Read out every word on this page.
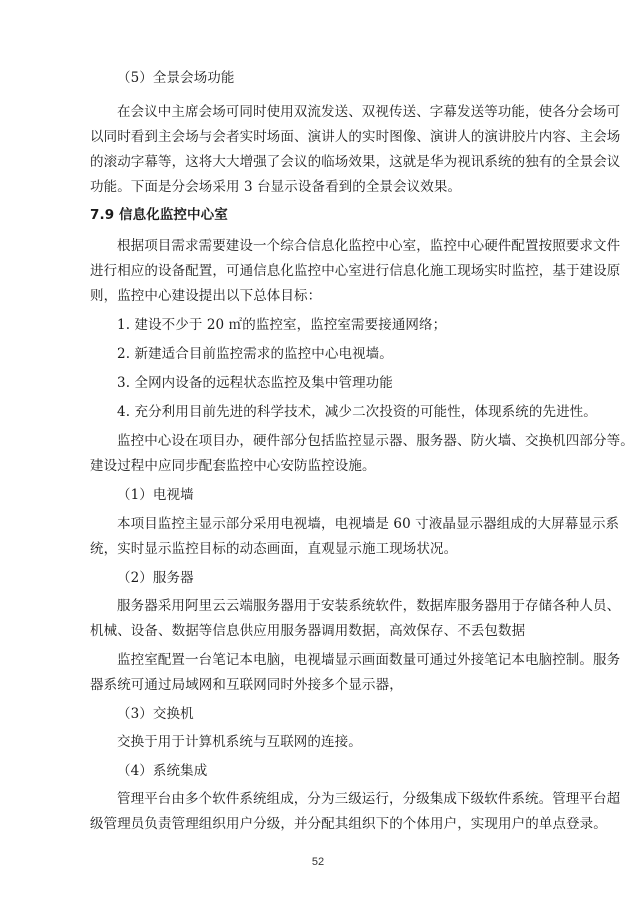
（5）全景会场功能
在会议中主席会场可同时使用双流发送、双视传送、字幕发送等功能，使各分会场可
以同时看到主会场与会者实时场面、演讲人的实时图像、演讲人的演讲胶片内容、主会场
的滚动字幕等，这将大大增强了会议的临场效果，这就是华为视讯系统的独有的全景会议
功能。下面是分会场采用 3 台显示设备看到的全景会议效果。
7.9 信息化监控中心室
根据项目需求需要建设一个综合信息化监控中心室，监控中心硬件配置按照要求文件
进行相应的设备配置，可通信息化监控中心室进行信息化施工现场实时监控，基于建设原
则，监控中心建设提出以下总体目标：
1. 建设不少于 20 ㎡的监控室，监控室需要接通网络；
2. 新建适合目前监控需求的监控中心电视墙。
3. 全网内设备的远程状态监控及集中管理功能
4. 充分利用目前先进的科学技术，减少二次投资的可能性，体现系统的先进性。
监控中心设在项目办，硬件部分包括监控显示器、服务器、防火墙、交换机四部分等。
建设过程中应同步配套监控中心安防监控设施。
（1）电视墙
本项目监控主显示部分采用电视墙，电视墙是 60 寸液晶显示器组成的大屏幕显示系
统，实时显示监控目标的动态画面，直观显示施工现场状况。
（2）服务器
服务器采用阿里云云端服务器用于安装系统软件，数据库服务器用于存储各种人员、
机械、设备、数据等信息供应用服务器调用数据，高效保存、不丢包数据
监控室配置一台笔记本电脑，电视墙显示画面数量可通过外接笔记本电脑控制。服务
器系统可通过局域网和互联网同时外接多个显示器，
（3）交换机
交换于用于计算机系统与互联网的连接。
（4）系统集成
管理平台由多个软件系统组成，分为三级运行，分级集成下级软件系统。管理平台超
级管理员负责管理组织用户分级，并分配其组织下的个体用户，实现用户的单点登录。
52
